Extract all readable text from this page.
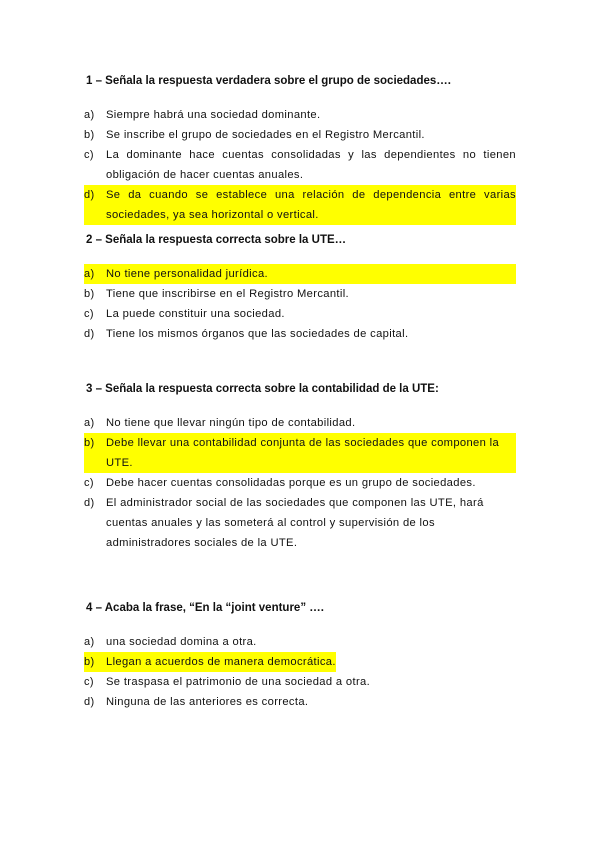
1 – Señala la respuesta verdadera sobre el grupo de sociedades….

a)	Siempre habrá una sociedad dominante.
b)	Se inscribe el grupo de sociedades en el Registro Mercantil.
c)	La dominante hace cuentas consolidadas y las dependientes no tienen obligación de hacer cuentas anuales.
d)	Se da cuando se establece una relación de dependencia entre varias sociedades, ya sea horizontal o vertical.

2 – Señala la respuesta correcta sobre la UTE…

a)	No tiene personalidad jurídica.
b)	Tiene que inscribirse en el Registro Mercantil.
c)	La puede constituir una sociedad.
d)	Tiene los mismos órganos que las sociedades de capital.

3 – Señala la respuesta correcta sobre la contabilidad de la UTE:

a)	No tiene que llevar ningún tipo de contabilidad.
b)	Debe llevar una contabilidad conjunta de las sociedades que componen la UTE.
c)	Debe hacer cuentas consolidadas porque es un grupo de sociedades.
d)	El administrador social de las sociedades que componen las UTE, hará cuentas anuales y las someterá al control y supervisión de los administradores sociales de la UTE.

4 – Acaba la frase, “En la “joint venture” ….

a)	una sociedad domina a otra.
b)	Llegan a acuerdos de manera democrática.
c)	Se traspasa el patrimonio de una sociedad a otra.
d)	Ninguna de las anteriores es correcta.
